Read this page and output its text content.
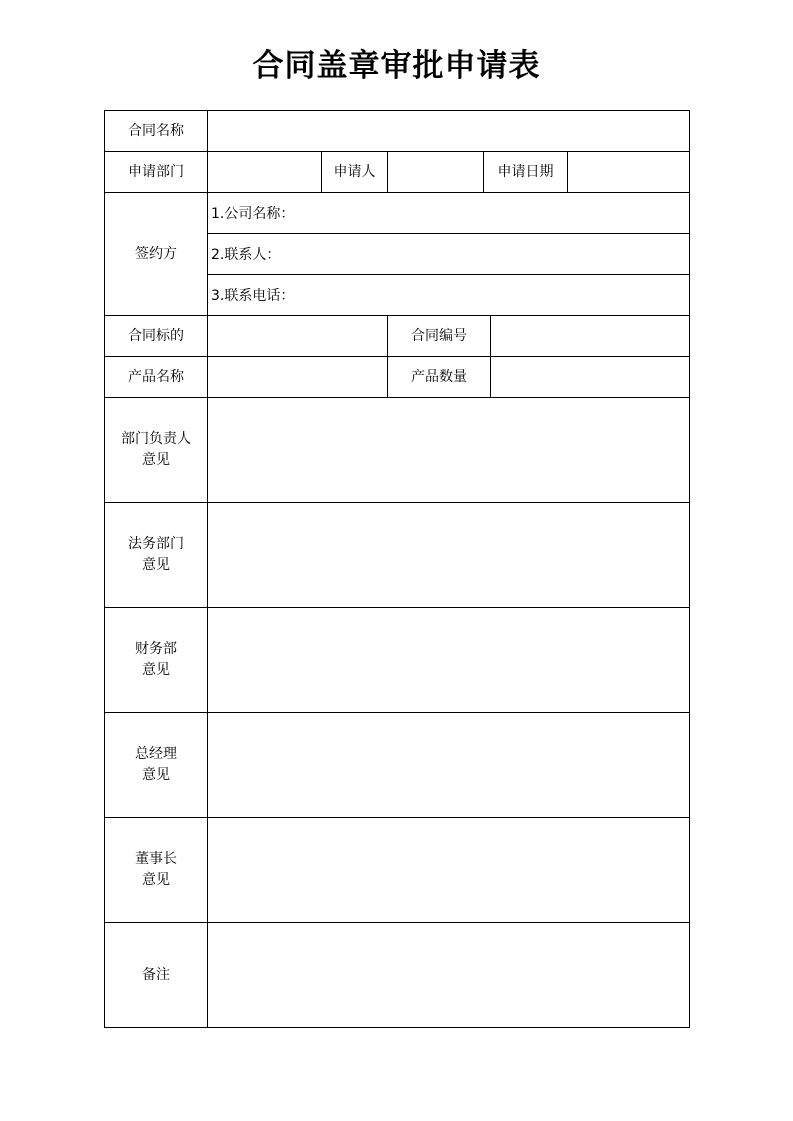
合同盖章审批申请表
合同名称						
申请部门		申请人		申请日期		
签约方	1.公司名称：					
	2.联系人：					
	3.联系电话：					
合同标的			合同编号			
产品名称			产品数量			

部门负责人
意见						

法务部门
意见						

财务部
意见						

总经理
意见						

董事长
意见						

备注						
